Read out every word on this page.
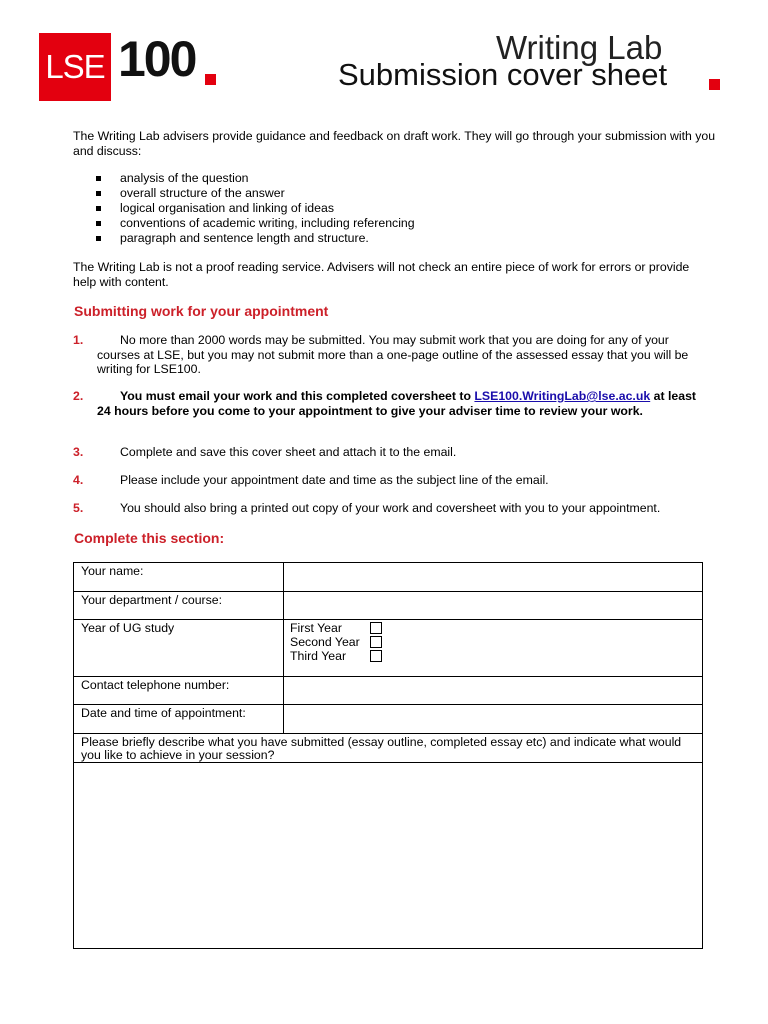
LSE 100	Writing Lab
Submission cover sheet
The Writing Lab advisers provide guidance and feedback on draft work. They will go through your submission with you and discuss:
analysis of the question
overall structure of the answer
logical organisation and linking of ideas
conventions of academic writing, including referencing
paragraph and sentence length and structure.
The Writing Lab is not a proof reading service. Advisers will not check an entire piece of work for errors or provide help with content.
Submitting work for your appointment
1.	No more than 2000 words may be submitted. You may submit work that you are doing for any of your courses at LSE, but you may not submit more than a one-page outline of the assessed essay that you will be writing for LSE100.
2.	You must email your work and this completed coversheet to LSE100.WritingLab@lse.ac.uk at least 24 hours before you come to your appointment to give your adviser time to review your work.
3.	Complete and save this cover sheet and attach it to the email.
4.	Please include your appointment date and time as the subject line of the email.
5.	You should also bring a printed out copy of your work and coversheet with you to your appointment.
Complete this section:
Your name:
Your department / course:
Year of UG study	First Year
Second Year
Third Year
Contact telephone number:
Date and time of appointment:
Please briefly describe what you have submitted (essay outline, completed essay etc) and indicate what would you like to achieve in your session?
